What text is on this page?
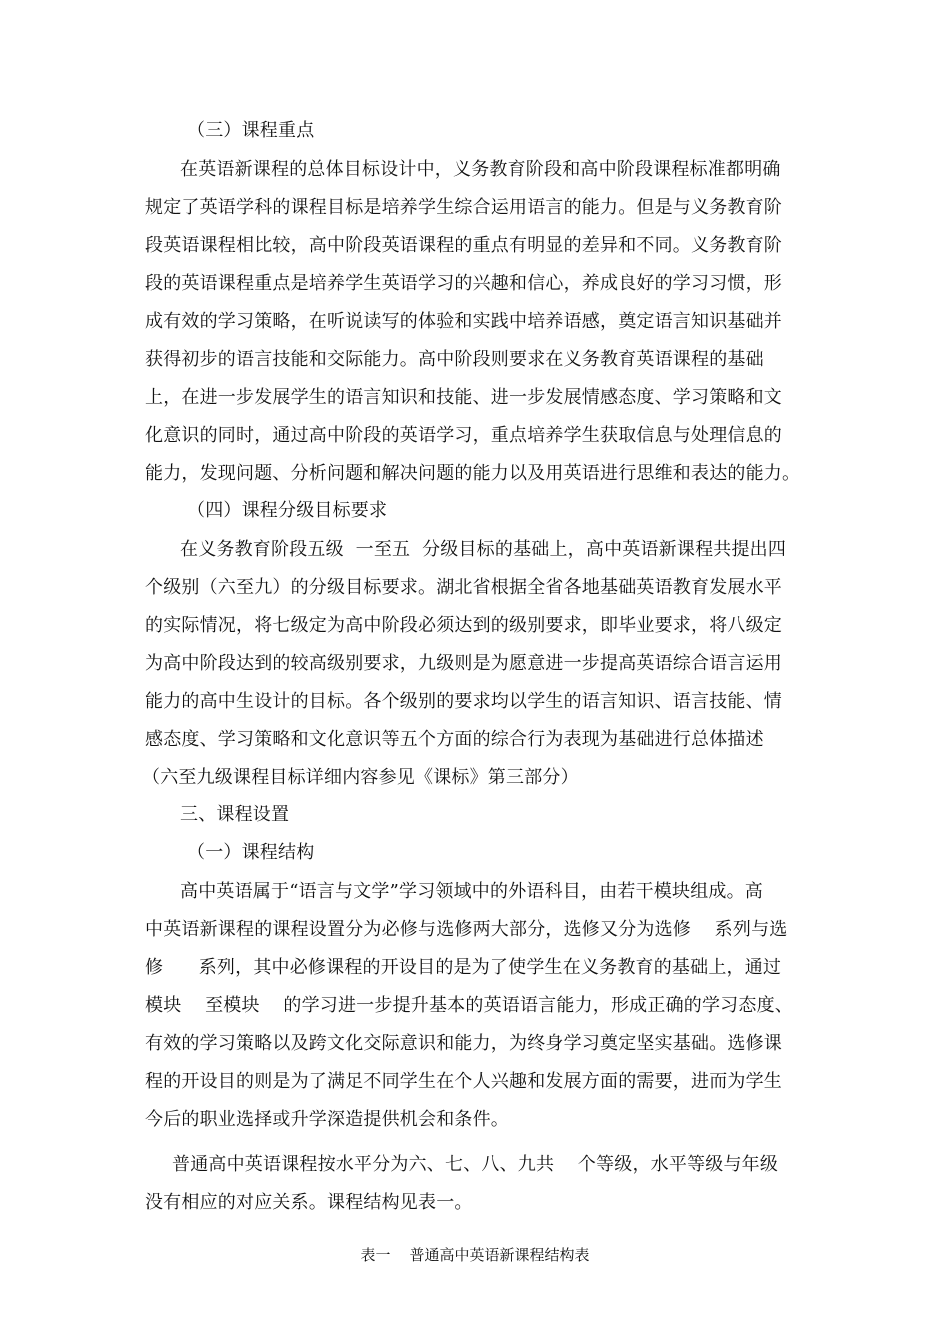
（三）课程重点
在英语新课程的总体目标设计中，义务教育阶段和高中阶段课程标准都明确
规定了英语学科的课程目标是培养学生综合运用语言的能力。但是与义务教育阶
段英语课程相比较，高中阶段英语课程的重点有明显的差异和不同。义务教育阶
段的英语课程重点是培养学生英语学习的兴趣和信心，养成良好的学习习惯，形
成有效的学习策略，在听说读写的体验和实践中培养语感，奠定语言知识基础并
获得初步的语言技能和交际能力。高中阶段则要求在义务教育英语课程的基础
上，在进一步发展学生的语言知识和技能、进一步发展情感态度、学习策略和文
化意识的同时，通过高中阶段的英语学习，重点培养学生获取信息与处理信息的
能力，发现问题、分析问题和解决问题的能力以及用英语进行思维和表达的能力。
（四）课程分级目标要求
在义务教育阶段五级  一至五  分级目标的基础上，高中英语新课程共提出四
个级别（六至九）的分级目标要求。湖北省根据全省各地基础英语教育发展水平
的实际情况，将七级定为高中阶段必须达到的级别要求，即毕业要求，将八级定
为高中阶段达到的较高级别要求，九级则是为愿意进一步提高英语综合语言运用
能力的高中生设计的目标。各个级别的要求均以学生的语言知识、语言技能、情
感态度、学习策略和文化意识等五个方面的综合行为表现为基础进行总体描述
（六至九级课程目标详细内容参见《课标》第三部分）
三、课程设置
（一）课程结构
高中英语属于“语言与文学”学习领域中的外语科目，由若干模块组成。高
中英语新课程的课程设置分为必修与选修两大部分，选修又分为选修    系列与选
修      系列，其中必修课程的开设目的是为了使学生在义务教育的基础上，通过
模块    至模块    的学习进一步提升基本的英语语言能力，形成正确的学习态度、
有效的学习策略以及跨文化交际意识和能力，为终身学习奠定坚实基础。选修课
程的开设目的则是为了满足不同学生在个人兴趣和发展方面的需要，进而为学生
今后的职业选择或升学深造提供机会和条件。
普通高中英语课程按水平分为六、七、八、九共    个等级，水平等级与年级
没有相应的对应关系。课程结构见表一。
表一    普通高中英语新课程结构表
